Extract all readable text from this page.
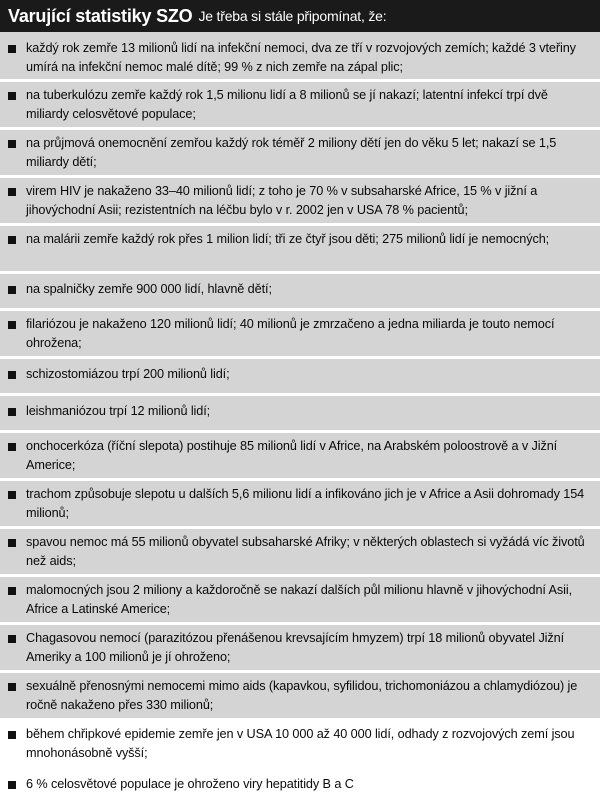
Varující statistiky SZO Je třeba si stále připomínat, že:
každý rok zemře 13 milionů lidí na infekční nemoci, dva ze tří v rozvojových zemích; každé 3 vteřiny umírá na infekční nemoc malé dítě; 99 % z nich zemře na zápal plic;
na tuberkulózu zemře každý rok 1,5 milionu lidí a 8 milionů se jí nakazí; latentní infekcí trpí dvě miliardy celosvětové populace;
na průjmová onemocnění zemřou každý rok téměř 2 miliony dětí jen do věku 5 let; nakazí se 1,5 miliardy dětí;
virem HIV je nakaženo 33–40 milionů lidí; z toho je 70 % v subsaharské Africe, 15 % v jižní a jihovýchodní Asii; rezistentních na léčbu bylo v r. 2002 jen v USA 78 % pacientů;
na malárii zemře každý rok přes 1 milion lidí; tři ze čtyř jsou děti; 275 milionů lidí je nemocných;
na spalničky zemře 900 000 lidí, hlavně dětí;
filariózou je nakaženo 120 milionů lidí; 40 milionů je zmrzačeno a jedna miliarda je touto nemocí ohrožena;
schizostomiázou trpí 200 milionů lidí;
leishmaniózou trpí 12 milionů lidí;
onchocerkóza (říční slepota) postihuje 85 milionů lidí v Africe, na Arabském poloostrově a v Jižní Americe;
trachom způsobuje slepotu u dalších 5,6 milionu lidí a infikováno jich je v Africe a Asii dohromady 154 milionů;
spavou nemoc má 55 milionů obyvatel subsaharské Afriky; v některých oblastech si vyžádá víc životů než aids;
malomocných jsou 2 miliony a každoročně se nakazí dalších půl milionu hlavně v jihovýchodní Asii, Africe a Latinské Americe;
Chagasovou nemocí (parazitózou přenášenou krevsajícím hmyzem) trpí 18 milionů obyvatel Jižní Ameriky a 100 milionů je jí ohroženo;
sexuálně přenosnými nemocemi mimo aids (kapavkou, syfilidou, trichomoniázou a chlamydiózou) je ročně nakaženo přes 330 milionů;
během chřipkové epidemie zemře jen v USA 10 000 až 40 000 lidí, odhady z rozvojových zemí jsou mnohonásobně vyšší;
6 % celosvětové populace je ohroženo viry hepatitidy B a C
